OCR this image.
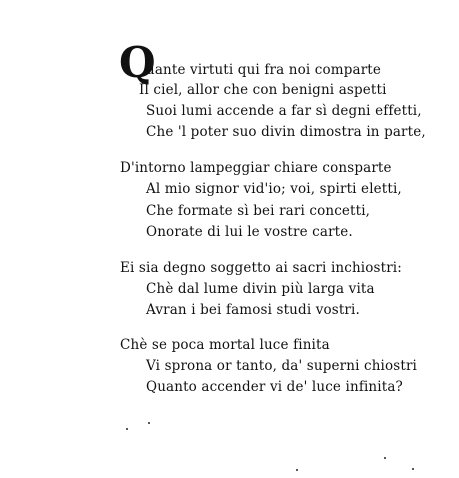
Q
uante virtuti qui fra noi comparte
Il ciel, allor che con benigni aspetti
Suoi lumi accende a far sì degni effetti,
Che 'l poter suo divin dimostra in parte,
D'intorno lampeggiar chiare consparte
Al mio signor vid'io; voi, spirti eletti,
Che formate sì bei rari concetti,
Onorate di lui le vostre carte.
Ei sia degno soggetto ai sacri inchiostri:
Chè dal lume divin più larga vita
Avran i bei famosi studi vostri.
Chè se poca mortal luce finita
Vi sprona or tanto, da' superni chiostri
Quanto accender vi de' luce infinita?
